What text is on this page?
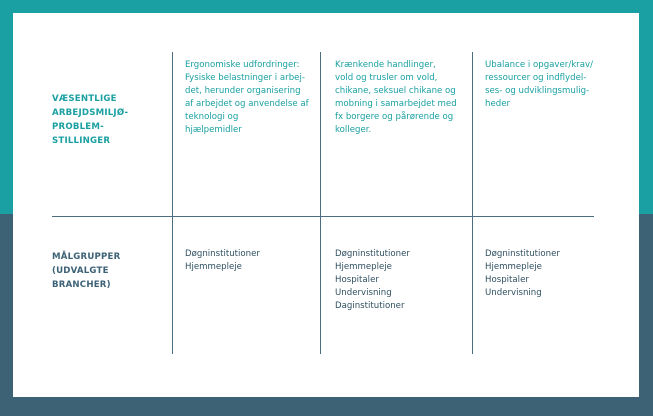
VÆSENTLIGE
ARBEJDSMILJØ-
PROBLEM-
STILLINGER
MÅLGRUPPER
(UDVALGTE
BRANCHER)
Ergonomiske udfordringer:
Fysiske belastninger i arbej-
det, herunder organisering
af arbejdet og anvendelse af
teknologi og
hjælpemidler
Krænkende handlinger,
vold og trusler om vold,
chikane, seksuel chikane og
mobning i samarbejdet med
fx borgere og pårørende og
kolleger.
Ubalance i opgaver/krav/
ressourcer og indflydel-
ses- og udviklingsmulig-
heder
Døgninstitutioner
Hjemmepleje
Døgninstitutioner
Hjemmepleje
Hospitaler
Undervisning
Daginstitutioner
Døgninstitutioner
Hjemmepleje
Hospitaler
Undervisning
